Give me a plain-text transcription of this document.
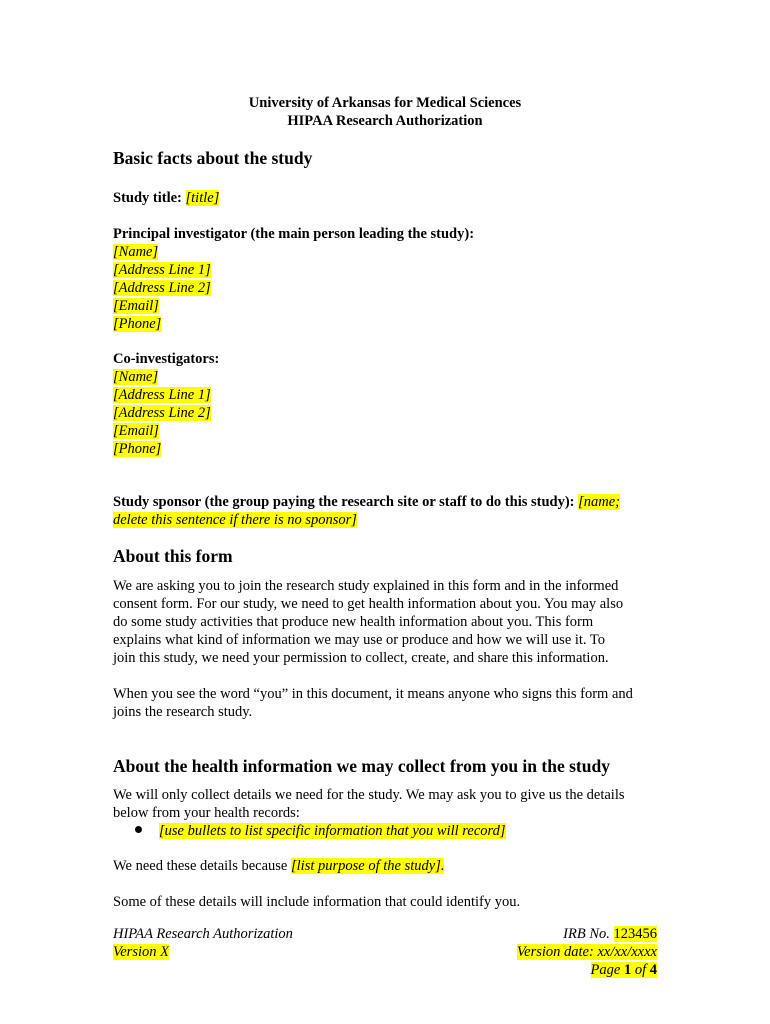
University of Arkansas for Medical Sciences
HIPAA Research Authorization
Basic facts about the study
Study title: [title]
Principal investigator (the main person leading the study):
[Name]
[Address Line 1]
[Address Line 2]
[Email]
[Phone]
Co-investigators:
[Name]
[Address Line 1]
[Address Line 2]
[Email]
[Phone]
Study sponsor (the group paying the research site or staff to do this study): [name;
delete this sentence if there is no sponsor]
About this form
We are asking you to join the research study explained in this form and in the informed
consent form. For our study, we need to get health information about you. You may also
do some study activities that produce new health information about you. This form
explains what kind of information we may use or produce and how we will use it. To
join this study, we need your permission to collect, create, and share this information.
When you see the word “you” in this document, it means anyone who signs this form and
joins the research study.
About the health information we may collect from you in the study
We will only collect details we need for the study. We may ask you to give us the details
below from your health records:
[use bullets to list specific information that you will record]
We need these details because [list purpose of the study].
Some of these details will include information that could identify you.
HIPAA Research Authorization
Version X
IRB No. 123456
Version date: xx/xx/xxxx
Page 1 of 4
